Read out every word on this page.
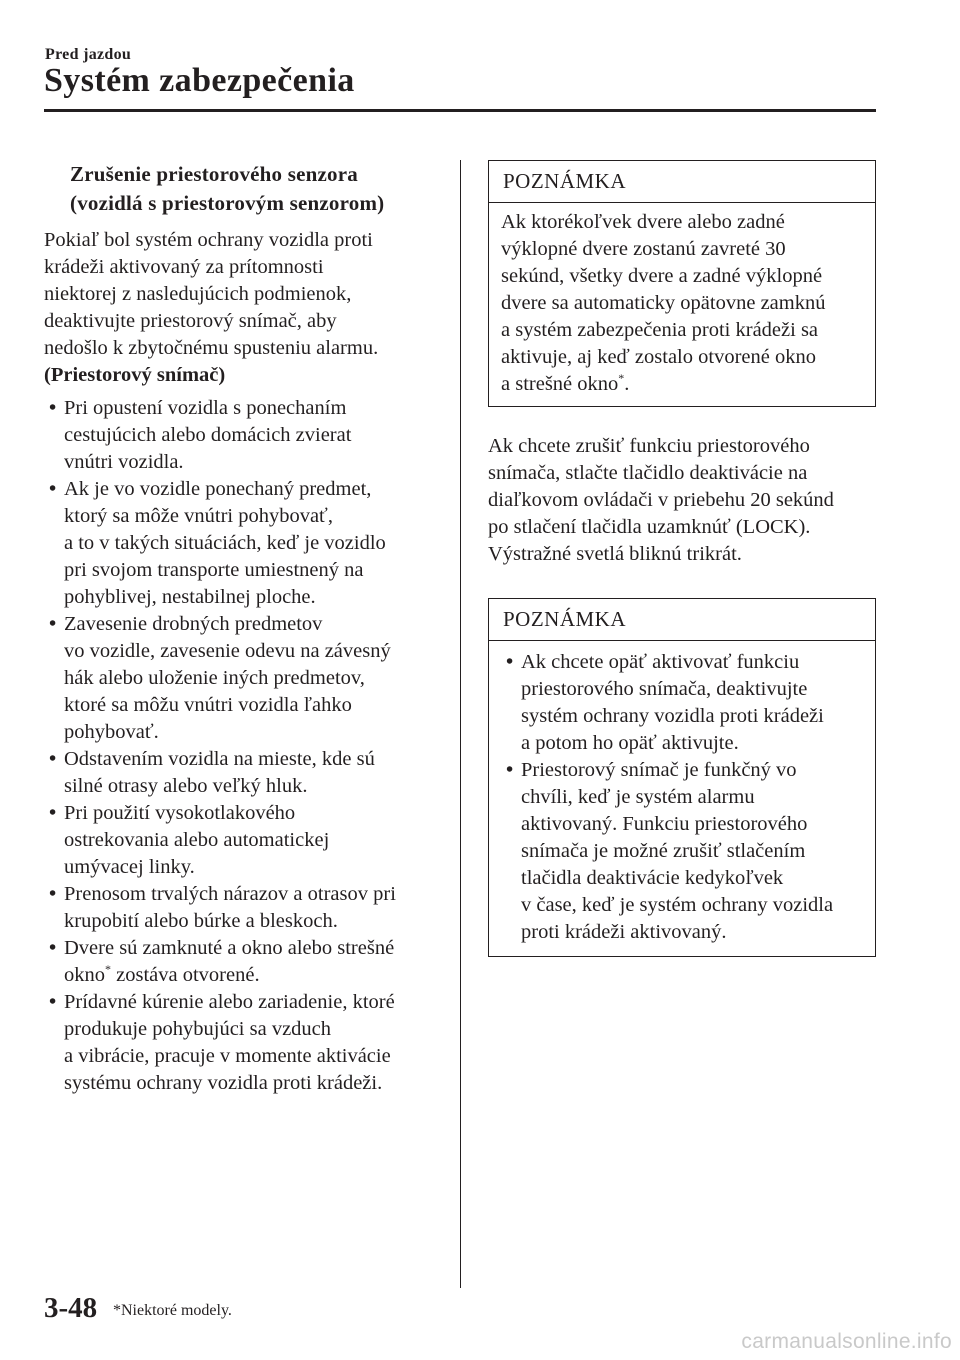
Pred jazdou
Systém zabezpečenia
Zrušenie priestorového senzora
(vozidlá s priestorovým senzorom)

Pokiaľ bol systém ochrany vozidla proti
krádeži aktivovaný za prítomnosti
niektorej z nasledujúcich podmienok,
deaktivujte priestorový snímač, aby
nedošlo k zbytočnému spusteniu alarmu.

(Priestorový snímač)

• Pri opustení vozidla s ponechaním
cestujúcich alebo domácich zvierat
vnútri vozidla.
• Ak je vo vozidle ponechaný predmet,
ktorý sa môže vnútri pohybovať,
a to v takých situáciách, keď je vozidlo
pri svojom transporte umiestnený na
pohyblivej, nestabilnej ploche.
• Zavesenie drobných predmetov
vo vozidle, zavesenie odevu na závesný
hák alebo uloženie iných predmetov,
ktoré sa môžu vnútri vozidla ľahko
pohybovať.
• Odstavením vozidla na mieste, kde sú
silné otrasy alebo veľký hluk.
• Pri použití vysokotlakového
ostrekovania alebo automatickej
umývacej linky.
• Prenosom trvalých nárazov a otrasov pri
krupobití alebo búrke a bleskoch.
• Dvere sú zamknuté a okno alebo strešné
okno* zostáva otvorené.
• Prídavné kúrenie alebo zariadenie, ktoré
produkuje pohybujúci sa vzduch
a vibrácie, pracuje v momente aktivácie
systému ochrany vozidla proti krádeži.
POZNÁMKA
Ak ktorékoľvek dvere alebo zadné
výklopné dvere zostanú zavreté 30
sekúnd, všetky dvere a zadné výklopné
dvere sa automaticky opätovne zamknú
a systém zabezpečenia proti krádeži sa
aktivuje, aj keď zostalo otvorené okno
a strešné okno*.

Ak chcete zrušiť funkciu priestorového
snímača, stlačte tlačidlo deaktivácie na
diaľkovom ovládači v priebehu 20 sekúnd
po stlačení tlačidla uzamknúť (LOCK).
Výstražné svetlá bliknú trikrát.

POZNÁMKA
• Ak chcete opäť aktivovať funkciu
priestorového snímača, deaktivujte
systém ochrany vozidla proti krádeži
a potom ho opäť aktivujte.
• Priestorový snímač je funkčný vo
chvíli, keď je systém alarmu
aktivovaný. Funkciu priestorového
snímača je možné zrušiť stlačením
tlačidla deaktivácie kedykoľvek
v čase, keď je systém ochrany vozidla
proti krádeži aktivovaný.
3-48 *Niektoré modely.
carmanualsonline.info
